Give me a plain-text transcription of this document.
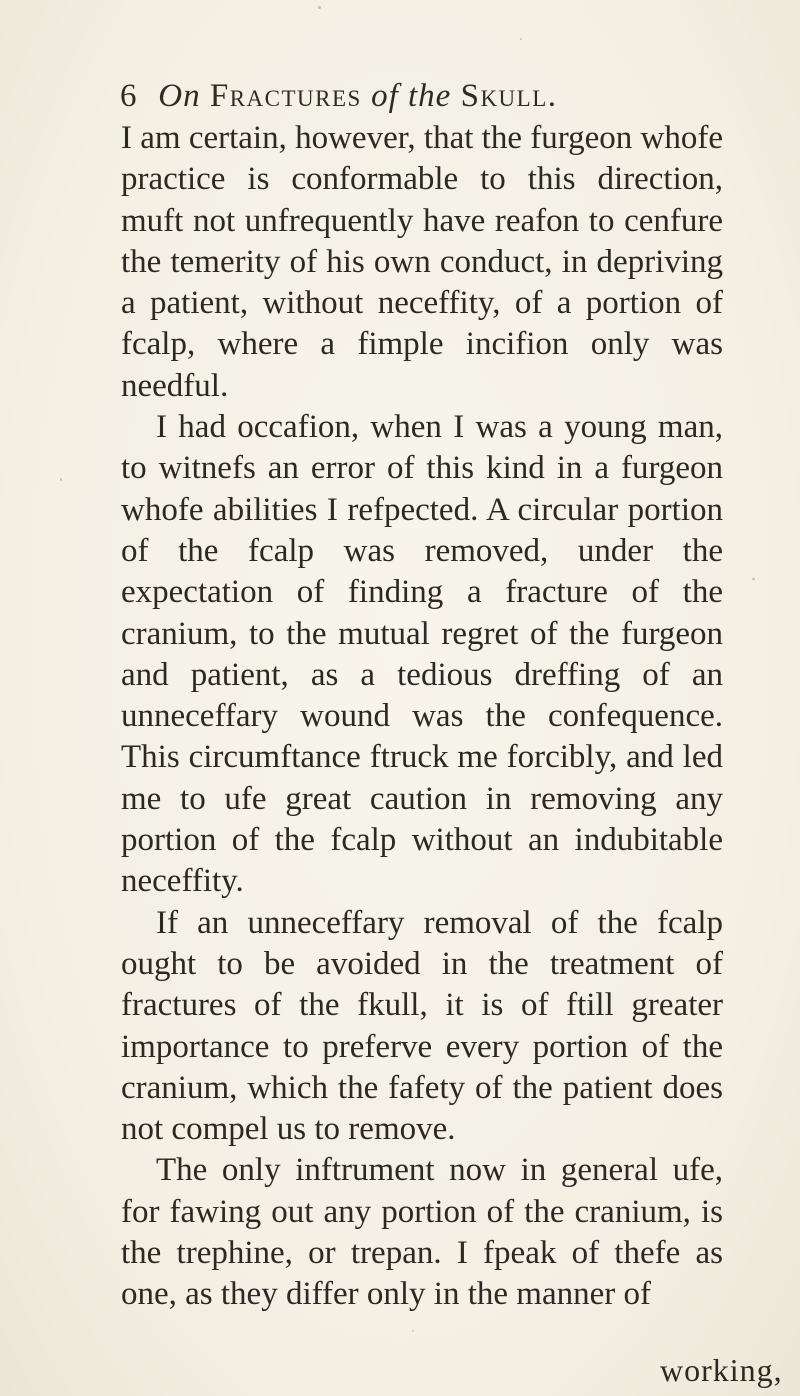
6 On Fractures of the Skull.

I am certain, however, that the furgeon whofe practice is conformable to this direction, muft not unfrequently have reafon to cenfure the temerity of his own conduct, in depriving a patient, without neceffity, of a portion of fcalp, where a fimple incifion only was needful.

I had occafion, when I was a young man, to witnefs an error of this kind in a furgeon whofe abilities I refpected. A circular portion of the fcalp was removed, under the expectation of finding a fracture of the cranium, to the mutual regret of the furgeon and patient, as a tedious dreffing of an unneceffary wound was the confequence. This circumftance ftruck me forcibly, and led me to ufe great caution in removing any portion of the fcalp without an indubitable neceffity.

If an unneceffary removal of the fcalp ought to be avoided in the treatment of fractures of the fkull, it is of ftill greater importance to preferve every portion of the cranium, which the fafety of the patient does not compel us to remove.

The only inftrument now in general ufe, for fawing out any portion of the cranium, is the trephine, or trepan. I fpeak of thefe as one, as they differ only in the manner of

working,
